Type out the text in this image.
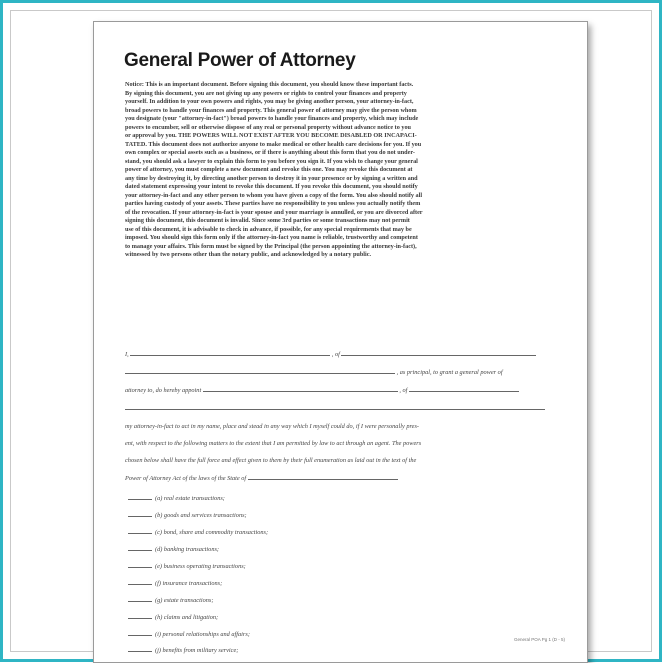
General Power of Attorney
Notice: This is an important document. Before signing this document, you should know these important facts.
By signing this document, you are not giving up any powers or rights to control your finances and property
yourself. In addition to your own powers and rights, you may be giving another person, your attorney-in-fact,
broad powers to handle your finances and property. This general power of attorney may give the person whom
you designate (your "attorney-in-fact") broad powers to handle your finances and property, which may include
powers to encumber, sell or otherwise dispose of any real or personal property without advance notice to you
or approval by you. THE POWERS WILL NOT EXIST AFTER YOU BECOME DISABLED OR INCAPACI-
TATED. This document does not authorize anyone to make medical or other health care decisions for you. If you
own complex or special assets such as a business, or if there is anything about this form that you do not under-
stand, you should ask a lawyer to explain this form to you before you sign it. If you wish to change your general
power of attorney, you must complete a new document and revoke this one. You may revoke this document at
any time by destroying it, by directing another person to destroy it in your presence or by signing a written and
dated statement expressing your intent to revoke this document. If you revoke this document, you should notify
your attorney-in-fact and any other person to whom you have given a copy of the form. You also should notify all
parties having custody of your assets. These parties have no responsibility to you unless you actually notify them
of the revocation. If your attorney-in-fact is your spouse and your marriage is annulled, or you are divorced after
signing this document, this document is invalid. Since some 3rd parties or some transactions may not permit
use of this document, it is advisable to check in advance, if possible, for any special requirements that may be
imposed. You should sign this form only if the attorney-in-fact you name is reliable, trustworthy and competent
to manage your affairs. This form must be signed by the Principal (the person appointing the attorney-in-fact),
witnessed by two persons other than the notary public, and acknowledged by a notary public.
I,	, of
, as principal, to grant a general power of
attorney to, do hereby appoint	, of
my attorney-in-fact to act in my name, place and stead in any way which I myself could do, if I were personally pres-
ent, with respect to the following matters to the extent that I am permitted by law to act through an agent. The powers
chosen below shall have the full force and effect given to them by their full enumeration as laid out in the text of the
Power of Attorney Act of the laws of the State of
(a) real estate transactions;
(b) goods and services transactions;
(c) bond, share and commodity transactions;
(d) banking transactions;
(e) business operating transactions;
(f) insurance transactions;
(g) estate transactions;
(h) claims and litigation;
(i) personal relationships and affairs;
(j) benefits from military service;
General POA Pg 1 (D - 5)
